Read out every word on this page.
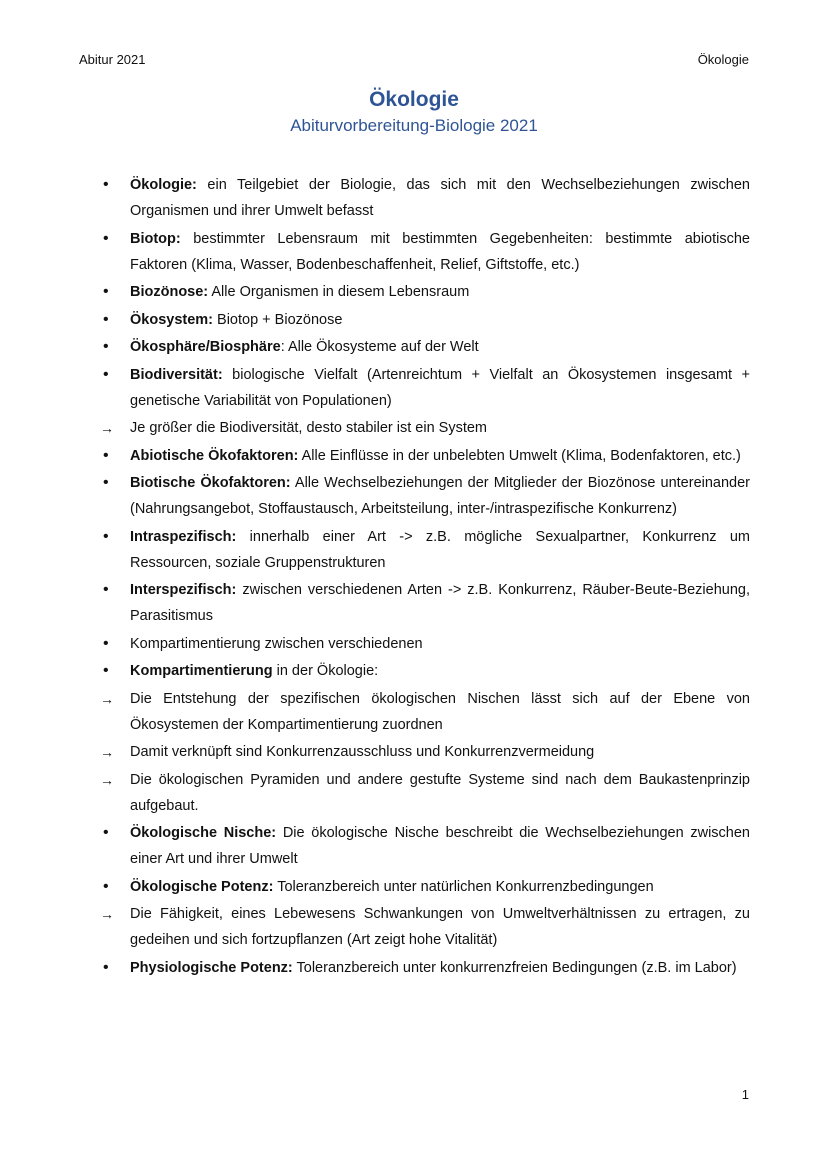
Abitur 2021	Ökologie
Ökologie
Abiturvorbereitung-Biologie 2021
•	Ökologie: ein Teilgebiet der Biologie, das sich mit den Wechselbeziehungen zwischen Organismen und ihrer Umwelt befasst
•	Biotop: bestimmter Lebensraum mit bestimmten Gegebenheiten: bestimmte abiotische Faktoren (Klima, Wasser, Bodenbeschaffenheit, Relief, Giftstoffe, etc.)
•	Biozönose: Alle Organismen in diesem Lebensraum
•	Ökosystem: Biotop + Biozönose
•	Ökosphäre/Biosphäre: Alle Ökosysteme auf der Welt
•	Biodiversität: biologische Vielfalt (Artenreichtum + Vielfalt an Ökosystemen insgesamt + genetische Variabilität von Populationen)
→	Je größer die Biodiversität, desto stabiler ist ein System
•	Abiotische Ökofaktoren: Alle Einflüsse in der unbelebten Umwelt (Klima, Bodenfaktoren, etc.)
•	Biotische Ökofaktoren: Alle Wechselbeziehungen der Mitglieder der Biozönose untereinander (Nahrungsangebot, Stoffaustausch, Arbeitsteilung, inter-/intraspezifische Konkurrenz)
•	Intraspezifisch: innerhalb einer Art -> z.B. mögliche Sexualpartner, Konkurrenz um Ressourcen, soziale Gruppenstrukturen
•	Interspezifisch: zwischen verschiedenen Arten -> z.B. Konkurrenz, Räuber-Beute-Beziehung, Parasitismus
•	Kompartimentierung zwischen verschiedenen
•	Kompartimentierung in der Ökologie:
→	Die Entstehung der spezifischen ökologischen Nischen lässt sich auf der Ebene von Ökosystemen der Kompartimentierung zuordnen
→	Damit verknüpft sind Konkurrenzausschluss und Konkurrenzvermeidung
→	Die ökologischen Pyramiden und andere gestufte Systeme sind nach dem Baukastenprinzip aufgebaut.
•	Ökologische Nische: Die ökologische Nische beschreibt die Wechselbeziehungen zwischen einer Art und ihrer Umwelt
•	Ökologische Potenz: Toleranzbereich unter natürlichen Konkurrenzbedingungen
→	Die Fähigkeit, eines Lebewesens Schwankungen von Umweltverhältnissen zu ertragen, zu gedeihen und sich fortzupflanzen (Art zeigt hohe Vitalität)
•	Physiologische Potenz: Toleranzbereich unter konkurrenzfreien Bedingungen (z.B. im Labor)
1
